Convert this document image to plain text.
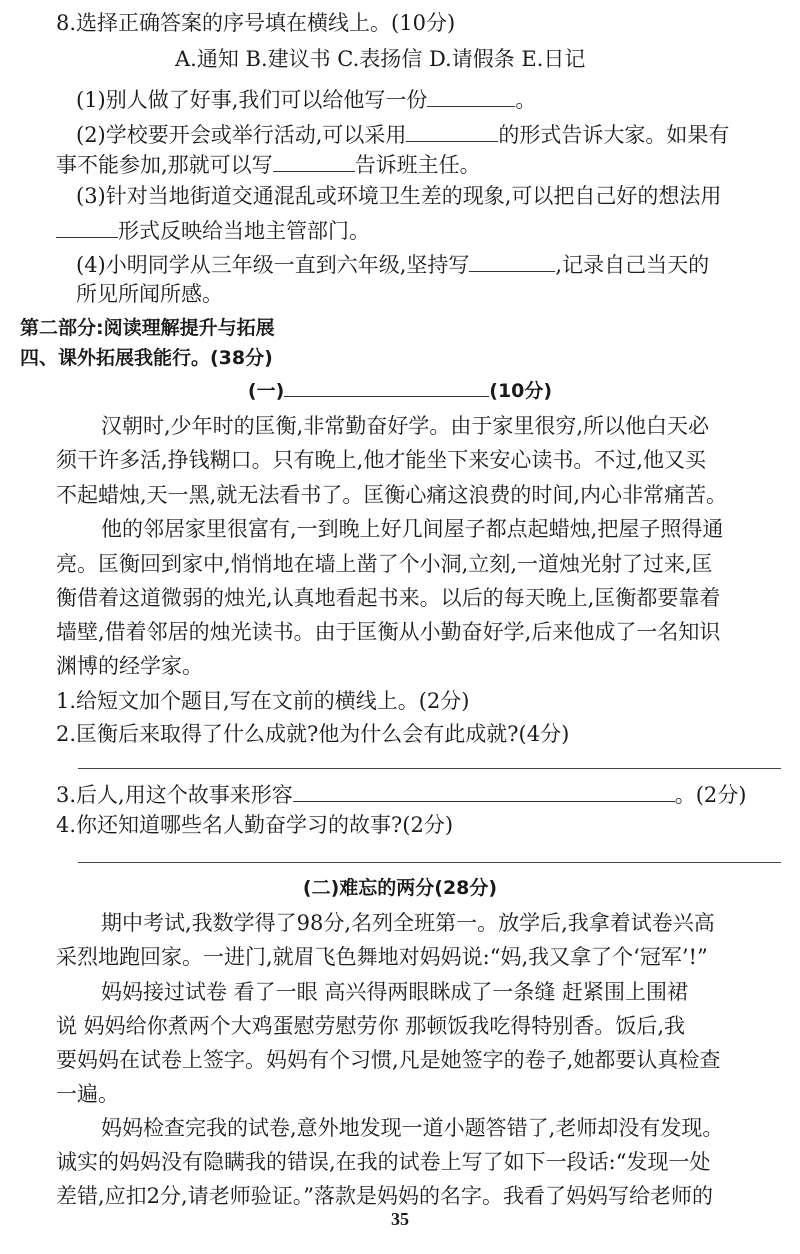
8.选择正确答案的序号填在横线上。(10分)
A.通知 B.建议书 C.表扬信 D.请假条 E.日记
(1)别人做了好事,我们可以给他写一份	。
(2)学校要开会或举行活动,可以采用	的形式告诉大家。如果有
事不能参加,那就可以写	告诉班主任。
(3)针对当地街道交通混乱或环境卫生差的现象,可以把自己好的想法用
形式反映给当地主管部门。
(4)小明同学从三年级一直到六年级,坚持写	,记录自己当天的
所见所闻所感。
第二部分:阅读理解提升与拓展
四、课外拓展我能行。(38分)
(一)	(10分)
汉朝时,少年时的匡衡,非常勤奋好学。由于家里很穷,所以他白天必
须干许多活,挣钱糊口。只有晚上,他才能坐下来安心读书。不过,他又买
不起蜡烛,天一黑,就无法看书了。匡衡心痛这浪费的时间,内心非常痛苦。
他的邻居家里很富有,一到晚上好几间屋子都点起蜡烛,把屋子照得通
亮。匡衡回到家中,悄悄地在墙上凿了个小洞,立刻,一道烛光射了过来,匡
衡借着这道微弱的烛光,认真地看起书来。以后的每天晚上,匡衡都要靠着
墙壁,借着邻居的烛光读书。由于匡衡从小勤奋好学,后来他成了一名知识
渊博的经学家。
1.给短文加个题目,写在文前的横线上。(2分)
2.匡衡后来取得了什么成就?他为什么会有此成就?(4分)
3.后人,用这个故事来形容	。(2分)
4.你还知道哪些名人勤奋学习的故事?(2分)
(二)难忘的两分(28分)
期中考试,我数学得了98分,名列全班第一。放学后,我拿着试卷兴高
采烈地跑回家。一进门,就眉飞色舞地对妈妈说:“妈,我又拿了个‘冠军’!”
妈妈接过试卷 看了一眼 高兴得两眼眯成了一条缝 赶紧围上围裙
说 妈妈给你煮两个大鸡蛋慰劳慰劳你 那顿饭我吃得特别香。饭后,我
要妈妈在试卷上签字。妈妈有个习惯,凡是她签字的卷子,她都要认真检查
一遍。
妈妈检查完我的试卷,意外地发现一道小题答错了,老师却没有发现。
诚实的妈妈没有隐瞒我的错误,在我的试卷上写了如下一段话:“发现一处
差错,应扣2分,请老师验证。”落款是妈妈的名字。我看了妈妈写给老师的
35
